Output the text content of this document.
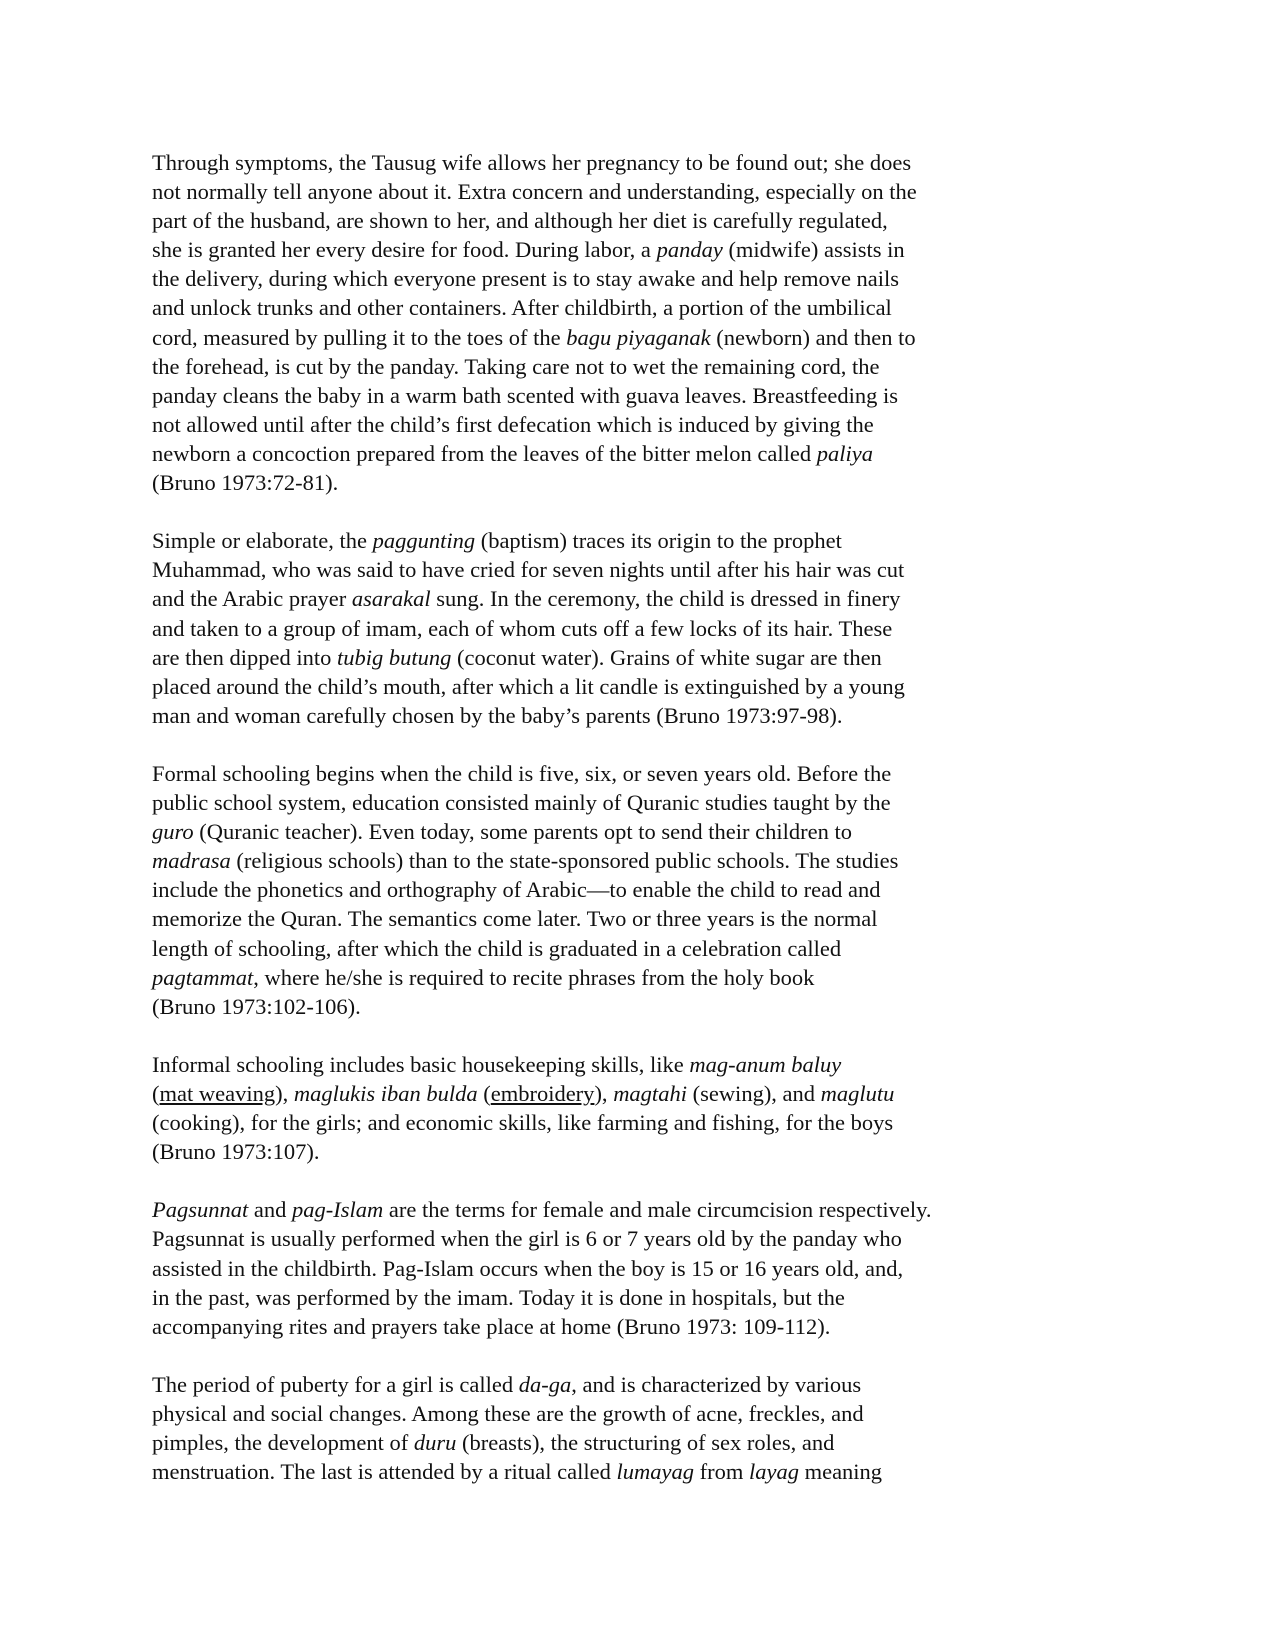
Through symptoms, the Tausug wife allows her pregnancy to be found out; she does
not normally tell anyone about it. Extra concern and understanding, especially on the
part of the husband, are shown to her, and although her diet is carefully regulated,
she is granted her every desire for food. During labor, a panday (midwife) assists in
the delivery, during which everyone present is to stay awake and help remove nails
and unlock trunks and other containers. After childbirth, a portion of the umbilical
cord, measured by pulling it to the toes of the bagu piyaganak (newborn) and then to
the forehead, is cut by the panday. Taking care not to wet the remaining cord, the
panday cleans the baby in a warm bath scented with guava leaves. Breastfeeding is
not allowed until after the child’s first defecation which is induced by giving the
newborn a concoction prepared from the leaves of the bitter melon called paliya
(Bruno 1973:72-81).
Simple or elaborate, the paggunting (baptism) traces its origin to the prophet
Muhammad, who was said to have cried for seven nights until after his hair was cut
and the Arabic prayer asarakal sung. In the ceremony, the child is dressed in finery
and taken to a group of imam, each of whom cuts off a few locks of its hair. These
are then dipped into tubig butung (coconut water). Grains of white sugar are then
placed around the child’s mouth, after which a lit candle is extinguished by a young
man and woman carefully chosen by the baby’s parents (Bruno 1973:97-98).
Formal schooling begins when the child is five, six, or seven years old. Before the
public school system, education consisted mainly of Quranic studies taught by the
guro (Quranic teacher). Even today, some parents opt to send their children to
madrasa (religious schools) than to the state-sponsored public schools. The studies
include the phonetics and orthography of Arabic—to enable the child to read and
memorize the Quran. The semantics come later. Two or three years is the normal
length of schooling, after which the child is graduated in a celebration called
pagtammat, where he/she is required to recite phrases from the holy book
(Bruno 1973:102-106).
Informal schooling includes basic housekeeping skills, like mag-anum baluy
(mat weaving), maglukis iban bulda (embroidery), magtahi (sewing), and maglutu
(cooking), for the girls; and economic skills, like farming and fishing, for the boys
(Bruno 1973:107).
Pagsunnat and pag-Islam are the terms for female and male circumcision respectively.
Pagsunnat is usually performed when the girl is 6 or 7 years old by the panday who
assisted in the childbirth. Pag-Islam occurs when the boy is 15 or 16 years old, and,
in the past, was performed by the imam. Today it is done in hospitals, but the
accompanying rites and prayers take place at home (Bruno 1973: 109-112).
The period of puberty for a girl is called da-ga, and is characterized by various
physical and social changes. Among these are the growth of acne, freckles, and
pimples, the development of duru (breasts), the structuring of sex roles, and
menstruation. The last is attended by a ritual called lumayag from layag meaning
